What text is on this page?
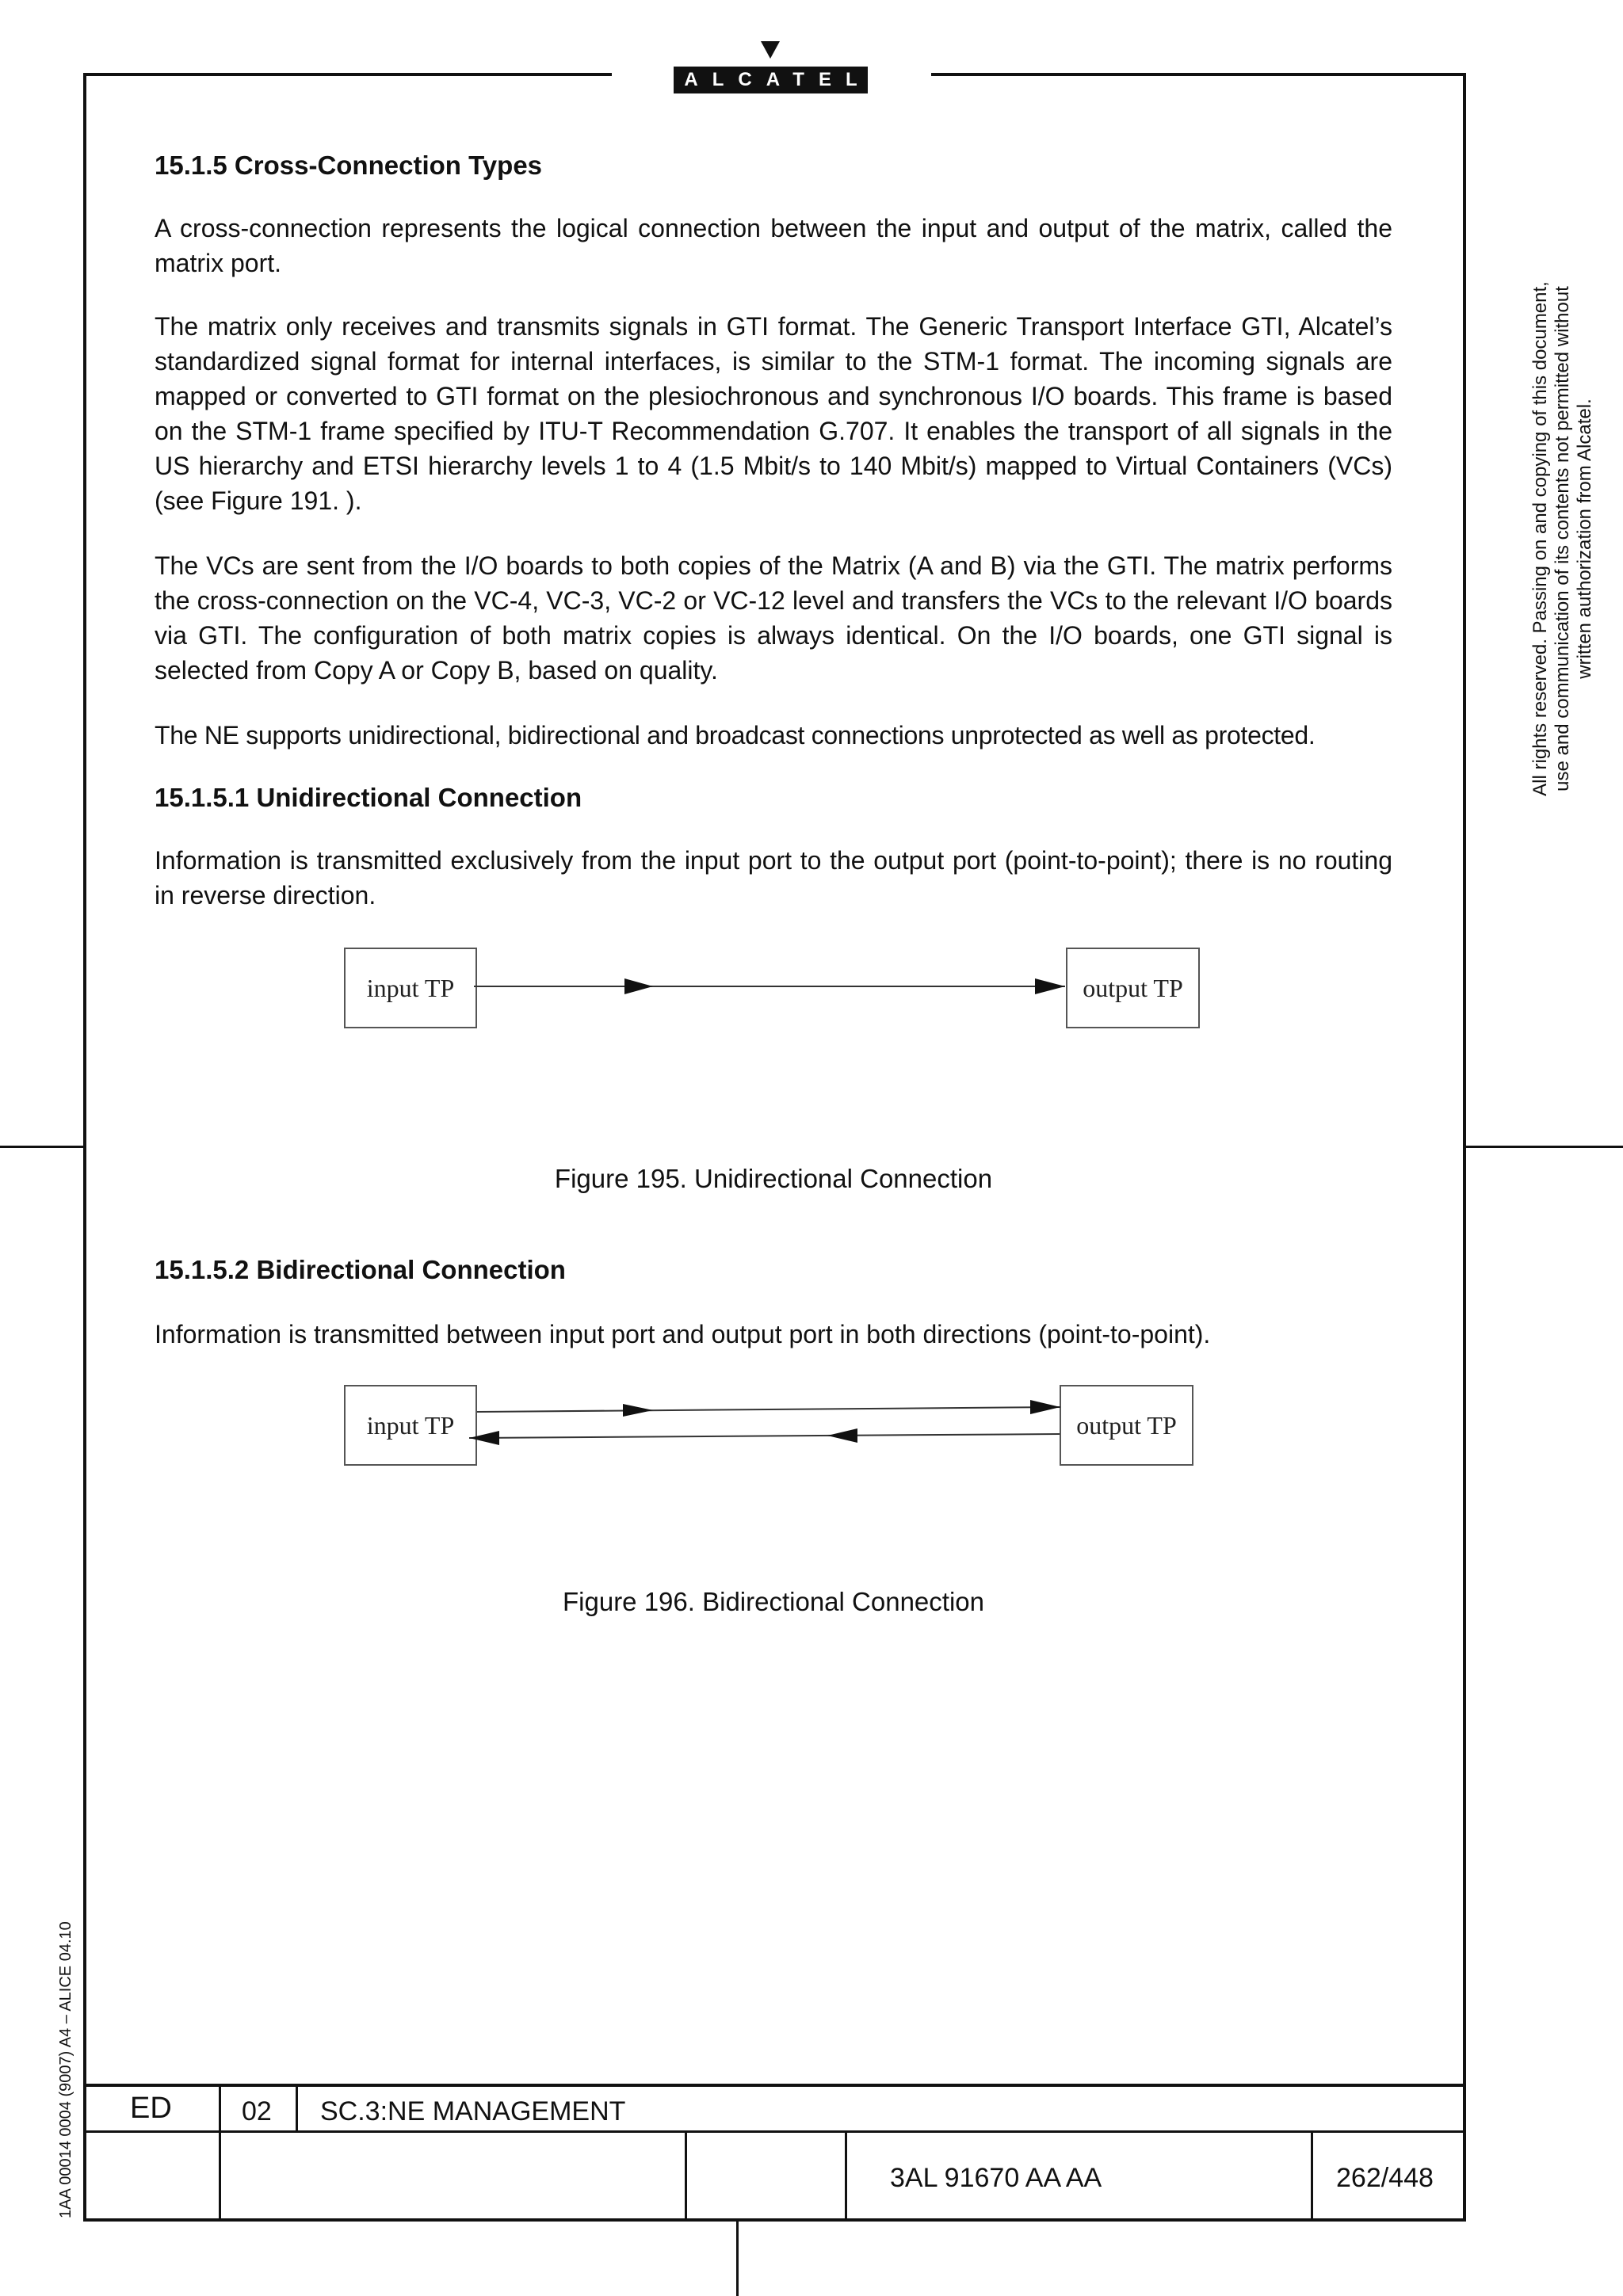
ALCATEL
All rights reserved. Passing on and copying of this document, use and communication of its contents not permitted without written authorization from Alcatel.
1AA 00014 0004 (9007) A4 – ALICE 04.10
15.1.5 Cross-Connection Types

A cross-connection represents the logical connection between the input and output of the matrix, called the matrix port.

The matrix only receives and transmits signals in GTI format. The Generic Transport Interface GTI, Alcatel’s standardized signal format for internal interfaces, is similar to the STM-1 format. The incoming signals are mapped or converted to GTI format on the plesiochronous and synchronous I/O boards. This frame is based on the STM-1 frame specified by ITU-T Recommendation G.707. It enables the transport of all signals in the US hierarchy and ETSI hierarchy levels 1 to 4 (1.5 Mbit/s to 140 Mbit/s) mapped to Virtual Containers (VCs) (see Figure 191. ).

The VCs are sent from the I/O boards to both copies of the Matrix (A and B) via the GTI. The matrix performs the cross-connection on the VC-4, VC-3, VC-2 or VC-12 level and transfers the VCs to the relevant I/O boards via GTI. The configuration of both matrix copies is always identical. On the I/O boards, one GTI signal is selected from Copy A or Copy B, based on quality.

The NE supports unidirectional, bidirectional and broadcast connections unprotected as well as protected.

15.1.5.1 Unidirectional Connection

Information is transmitted exclusively from the input port to the output port (point-to-point); there is no routing in reverse direction.

input TP	output TP
Figure 195. Unidirectional Connection
15.1.5.2 Bidirectional Connection

Information is transmitted between input port and output port in both directions (point-to-point).

input TP	output TP
Figure 196. Bidirectional Connection
ED	02 SC.3:NE MANAGEMENT
3AL 91670 AA AA	262/448
